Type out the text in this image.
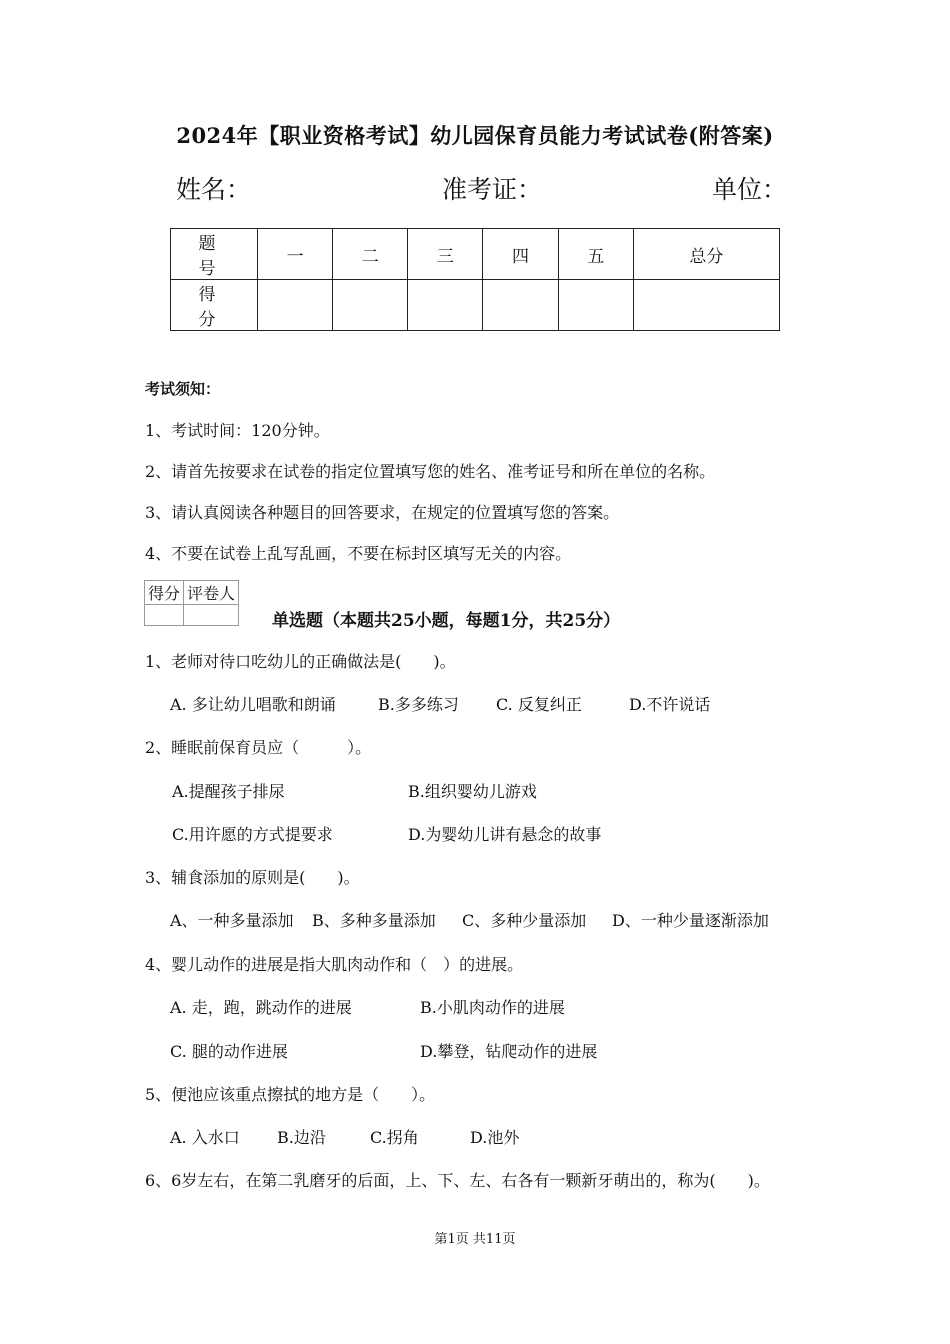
2024年【职业资格考试】幼儿园保育员能力考试试卷(附答案)
姓名：	准考证：	单位：
题　号	一	二	三	四	五	总分
得　分						
考试须知：
1、考试时间：120分钟。
2、请首先按要求在试卷的指定位置填写您的姓名、准考证号和所在单位的名称。
3、请认真阅读各种题目的回答要求，在规定的位置填写您的答案。
4、不要在试卷上乱写乱画，不要在标封区填写无关的内容。
得分	评卷人

单选题（本题共25小题，每题1分，共25分）
1、老师对待口吃幼儿的正确做法是(　　)。
A. 多让幼儿唱歌和朗诵	B.多多练习 C. 反复纠正	D.不许说话
2、睡眠前保育员应（　　　）。
A.提醒孩子排尿	B.组织婴幼儿游戏
C.用许愿的方式提要求	D.为婴幼儿讲有悬念的故事
3、辅食添加的原则是(　　)。
A、一种多量添加 B、多种多量添加 C、多种少量添加 D、一种少量逐渐添加
4、婴儿动作的进展是指大肌肉动作和（　）的进展。
A. 走，跑，跳动作的进展	B.小肌肉动作的进展
C. 腿的动作进展	D.攀登，钻爬动作的进展
5、便池应该重点擦拭的地方是（　　）。
A. 入水口 B.边沿	C.拐角	D.池外
6、6岁左右，在第二乳磨牙的后面，上、下、左、右各有一颗新牙萌出的，称为(　　)。
第1页 共11页
